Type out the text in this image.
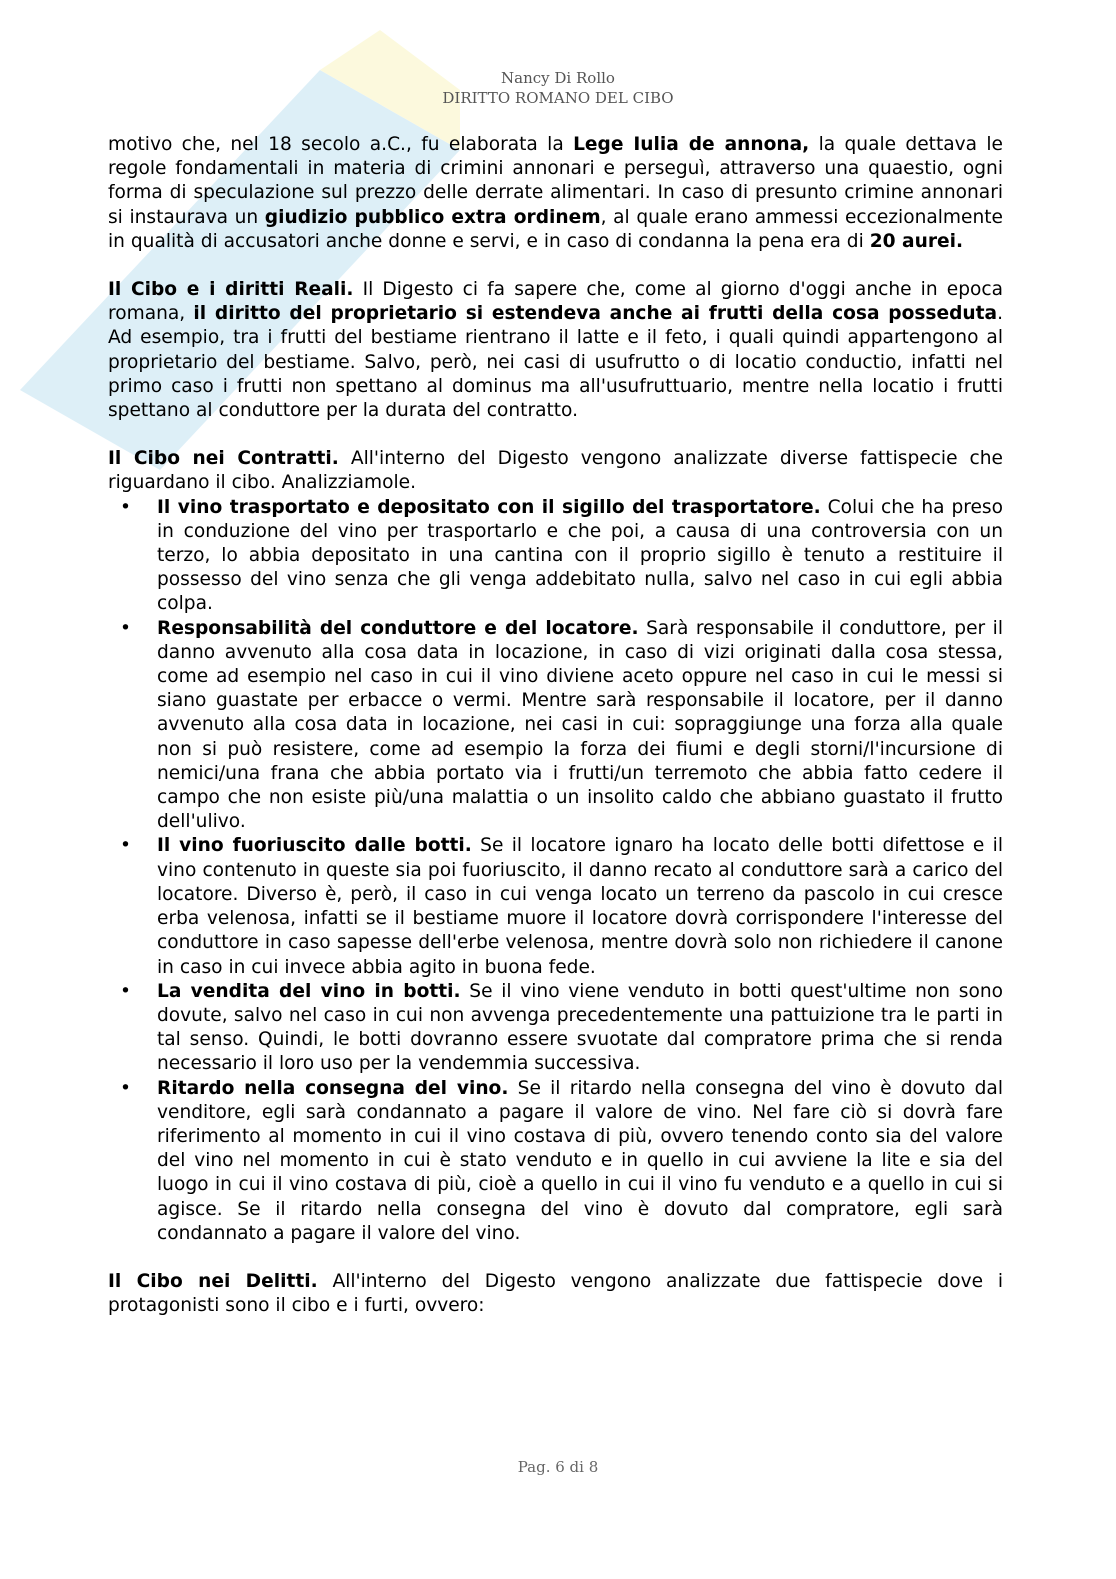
Nancy Di Rollo
DIRITTO ROMANO DEL CIBO

motivo che, nel 18 secolo a.C., fu elaborata la Lege Iulia de annona, la quale dettava le regole fondamentali in materia di crimini annonari e perseguì, attraverso una quaestio, ogni forma di speculazione sul prezzo delle derrate alimentari. In caso di presunto crimine annonari si instaurava un giudizio pubblico extra ordinem, al quale erano ammessi eccezionalmente in qualità di accusatori anche donne e servi, e in caso di condanna la pena era di 20 aurei.

Il Cibo e i diritti Reali. Il Digesto ci fa sapere che, come al giorno d'oggi anche in epoca romana, il diritto del proprietario si estendeva anche ai frutti della cosa posseduta. Ad esempio, tra i frutti del bestiame rientrano il latte e il feto, i quali quindi appartengono al proprietario del bestiame. Salvo, però, nei casi di usufrutto o di locatio conductio, infatti nel primo caso i frutti non spettano al dominus ma all'usufruttuario, mentre nella locatio i frutti spettano al conduttore per la durata del contratto.

Il Cibo nei Contratti. All'interno del Digesto vengono analizzate diverse fattispecie che riguardano il cibo. Analizziamole.

• Il vino trasportato e depositato con il sigillo del trasportatore. Colui che ha preso in conduzione del vino per trasportarlo e che poi, a causa di una controversia con un terzo, lo abbia depositato in una cantina con il proprio sigillo è tenuto a restituire il possesso del vino senza che gli venga addebitato nulla, salvo nel caso in cui egli abbia colpa.
• Responsabilità del conduttore e del locatore. Sarà responsabile il conduttore, per il danno avvenuto alla cosa data in locazione, in caso di vizi originati dalla cosa stessa, come ad esempio nel caso in cui il vino diviene aceto oppure nel caso in cui le messi si siano guastate per erbacce o vermi. Mentre sarà responsabile il locatore, per il danno avvenuto alla cosa data in locazione, nei casi in cui: sopraggiunge una forza alla quale non si può resistere, come ad esempio la forza dei fiumi e degli storni/l'incursione di nemici/una frana che abbia portato via i frutti/un terremoto che abbia fatto cedere il campo che non esiste più/una malattia o un insolito caldo che abbiano guastato il frutto dell'ulivo.
• Il vino fuoriuscito dalle botti. Se il locatore ignaro ha locato delle botti difettose e il vino contenuto in queste sia poi fuoriuscito, il danno recato al conduttore sarà a carico del locatore. Diverso è, però, il caso in cui venga locato un terreno da pascolo in cui cresce erba velenosa, infatti se il bestiame muore il locatore dovrà corrispondere l'interesse del conduttore in caso sapesse dell'erbe velenosa, mentre dovrà solo non richiedere il canone in caso in cui invece abbia agito in buona fede.
• La vendita del vino in botti. Se il vino viene venduto in botti quest'ultime non sono dovute, salvo nel caso in cui non avvenga precedentemente una pattuizione tra le parti in tal senso. Quindi, le botti dovranno essere svuotate dal compratore prima che si renda necessario il loro uso per la vendemmia successiva.
• Ritardo nella consegna del vino. Se il ritardo nella consegna del vino è dovuto dal venditore, egli sarà condannato a pagare il valore de vino. Nel fare ciò si dovrà fare riferimento al momento in cui il vino costava di più, ovvero tenendo conto sia del valore del vino nel momento in cui è stato venduto e in quello in cui avviene la lite e sia del luogo in cui il vino costava di più, cioè a quello in cui il vino fu venduto e a quello in cui si agisce. Se il ritardo nella consegna del vino è dovuto dal compratore, egli sarà condannato a pagare il valore del vino.

Il Cibo nei Delitti. All'interno del Digesto vengono analizzate due fattispecie dove i protagonisti sono il cibo e i furti, ovvero:

Pag. 6 di 8
